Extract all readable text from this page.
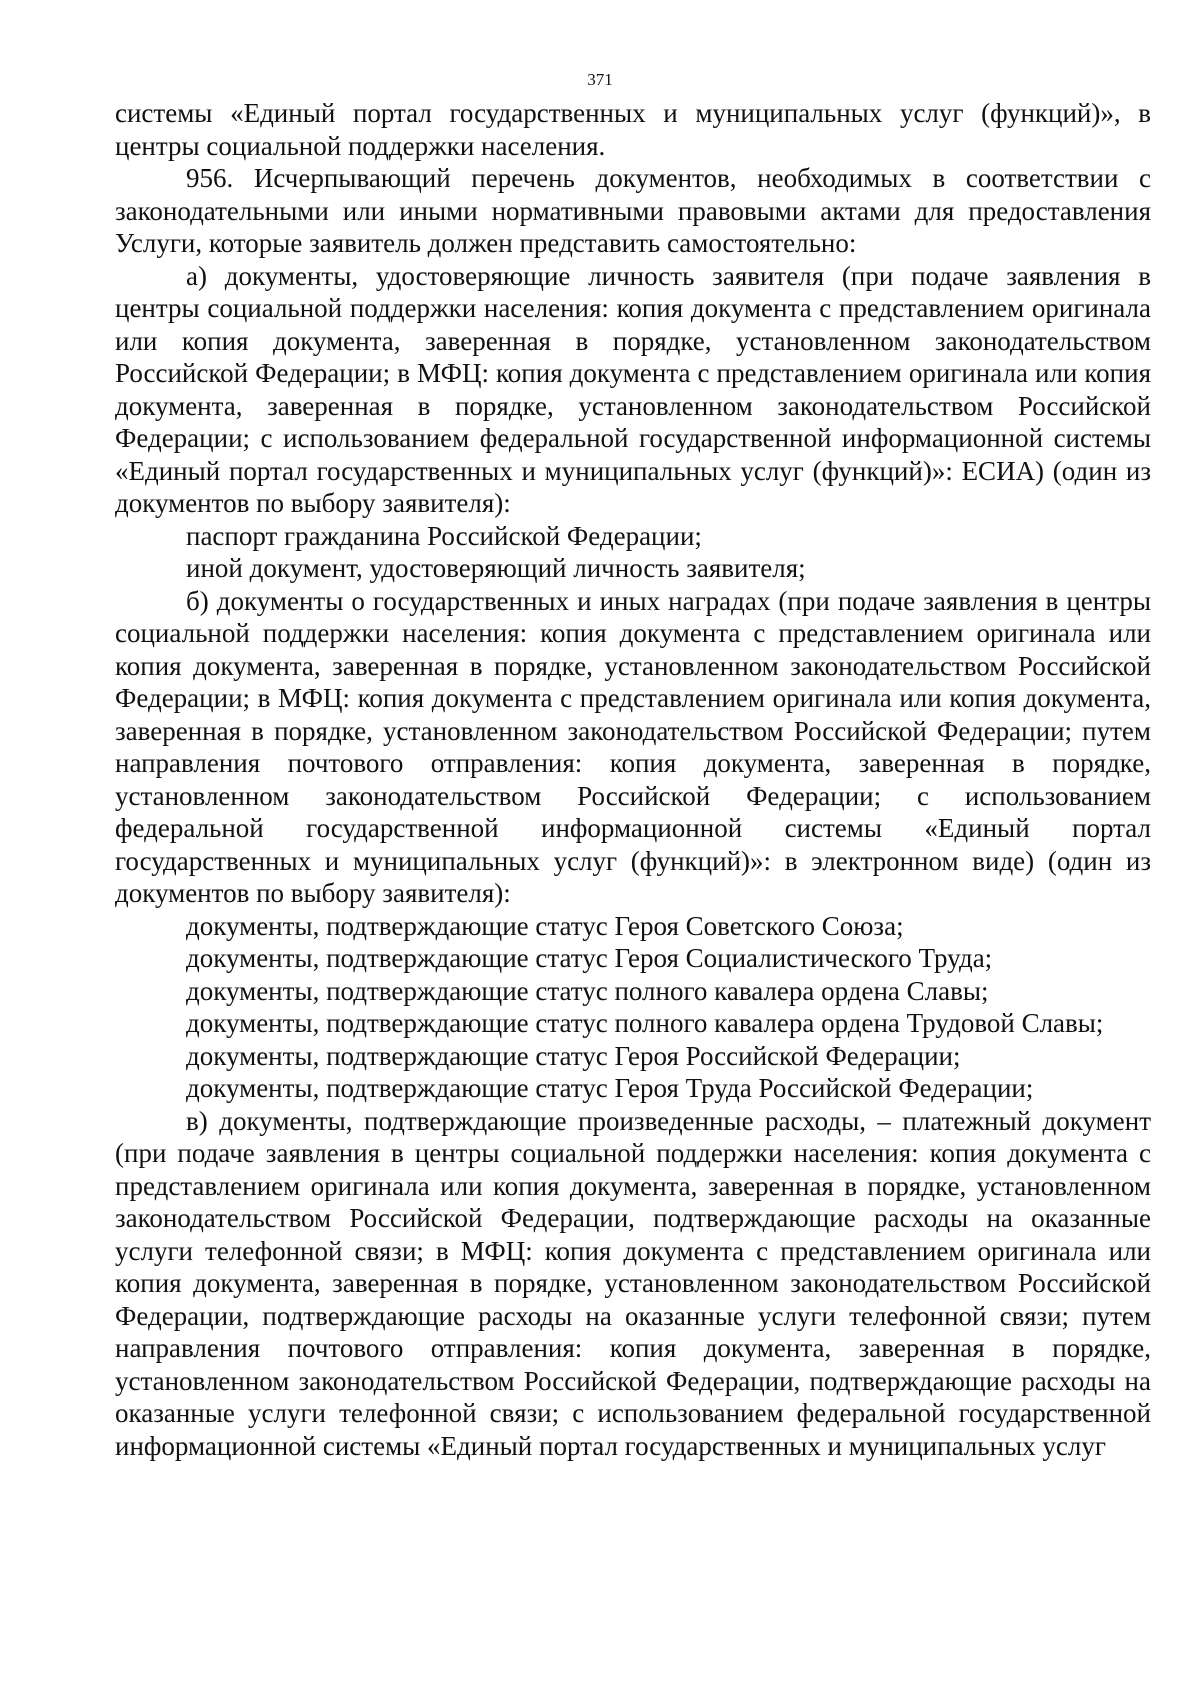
371

системы «Единый портал государственных и муниципальных услуг (функций)», в центры социальной поддержки населения.

956. Исчерпывающий перечень документов, необходимых в соответствии с законодательными или иными нормативными правовыми актами для предоставления Услуги, которые заявитель должен представить самостоятельно:

а) документы, удостоверяющие личность заявителя (при подаче заявления в центры социальной поддержки населения: копия документа с представлением оригинала или копия документа, заверенная в порядке, установленном законодательством Российской Федерации; в МФЦ: копия документа с представлением оригинала или копия документа, заверенная в порядке, установленном законодательством Российской Федерации; с использованием федеральной государственной информационной системы «Единый портал государственных и муниципальных услуг (функций)»: ЕСИА) (один из документов по выбору заявителя):

паспорт гражданина Российской Федерации;

иной документ, удостоверяющий личность заявителя;

б) документы о государственных и иных наградах (при подаче заявления в центры социальной поддержки населения: копия документа с представлением оригинала или копия документа, заверенная в порядке, установленном законодательством Российской Федерации; в МФЦ: копия документа с представлением оригинала или копия документа, заверенная в порядке, установленном законодательством Российской Федерации; путем направления почтового отправления: копия документа, заверенная в порядке, установленном законодательством Российской Федерации; с использованием федеральной государственной информационной системы «Единый портал государственных и муниципальных услуг (функций)»: в электронном виде) (один из документов по выбору заявителя):

документы, подтверждающие статус Героя Советского Союза;

документы, подтверждающие статус Героя Социалистического Труда;

документы, подтверждающие статус полного кавалера ордена Славы;

документы, подтверждающие статус полного кавалера ордена Трудовой Славы;

документы, подтверждающие статус Героя Российской Федерации;

документы, подтверждающие статус Героя Труда Российской Федерации;

в) документы, подтверждающие произведенные расходы, – платежный документ (при подаче заявления в центры социальной поддержки населения: копия документа с представлением оригинала или копия документа, заверенная в порядке, установленном законодательством Российской Федерации, подтверждающие расходы на оказанные услуги телефонной связи; в МФЦ: копия документа с представлением оригинала или копия документа, заверенная в порядке, установленном законодательством Российской Федерации, подтверждающие расходы на оказанные услуги телефонной связи; путем направления почтового отправления: копия документа, заверенная в порядке, установленном законодательством Российской Федерации, подтверждающие расходы на оказанные услуги телефонной связи; с использованием федеральной государственной информационной системы «Единый портал государственных и муниципальных услуг
